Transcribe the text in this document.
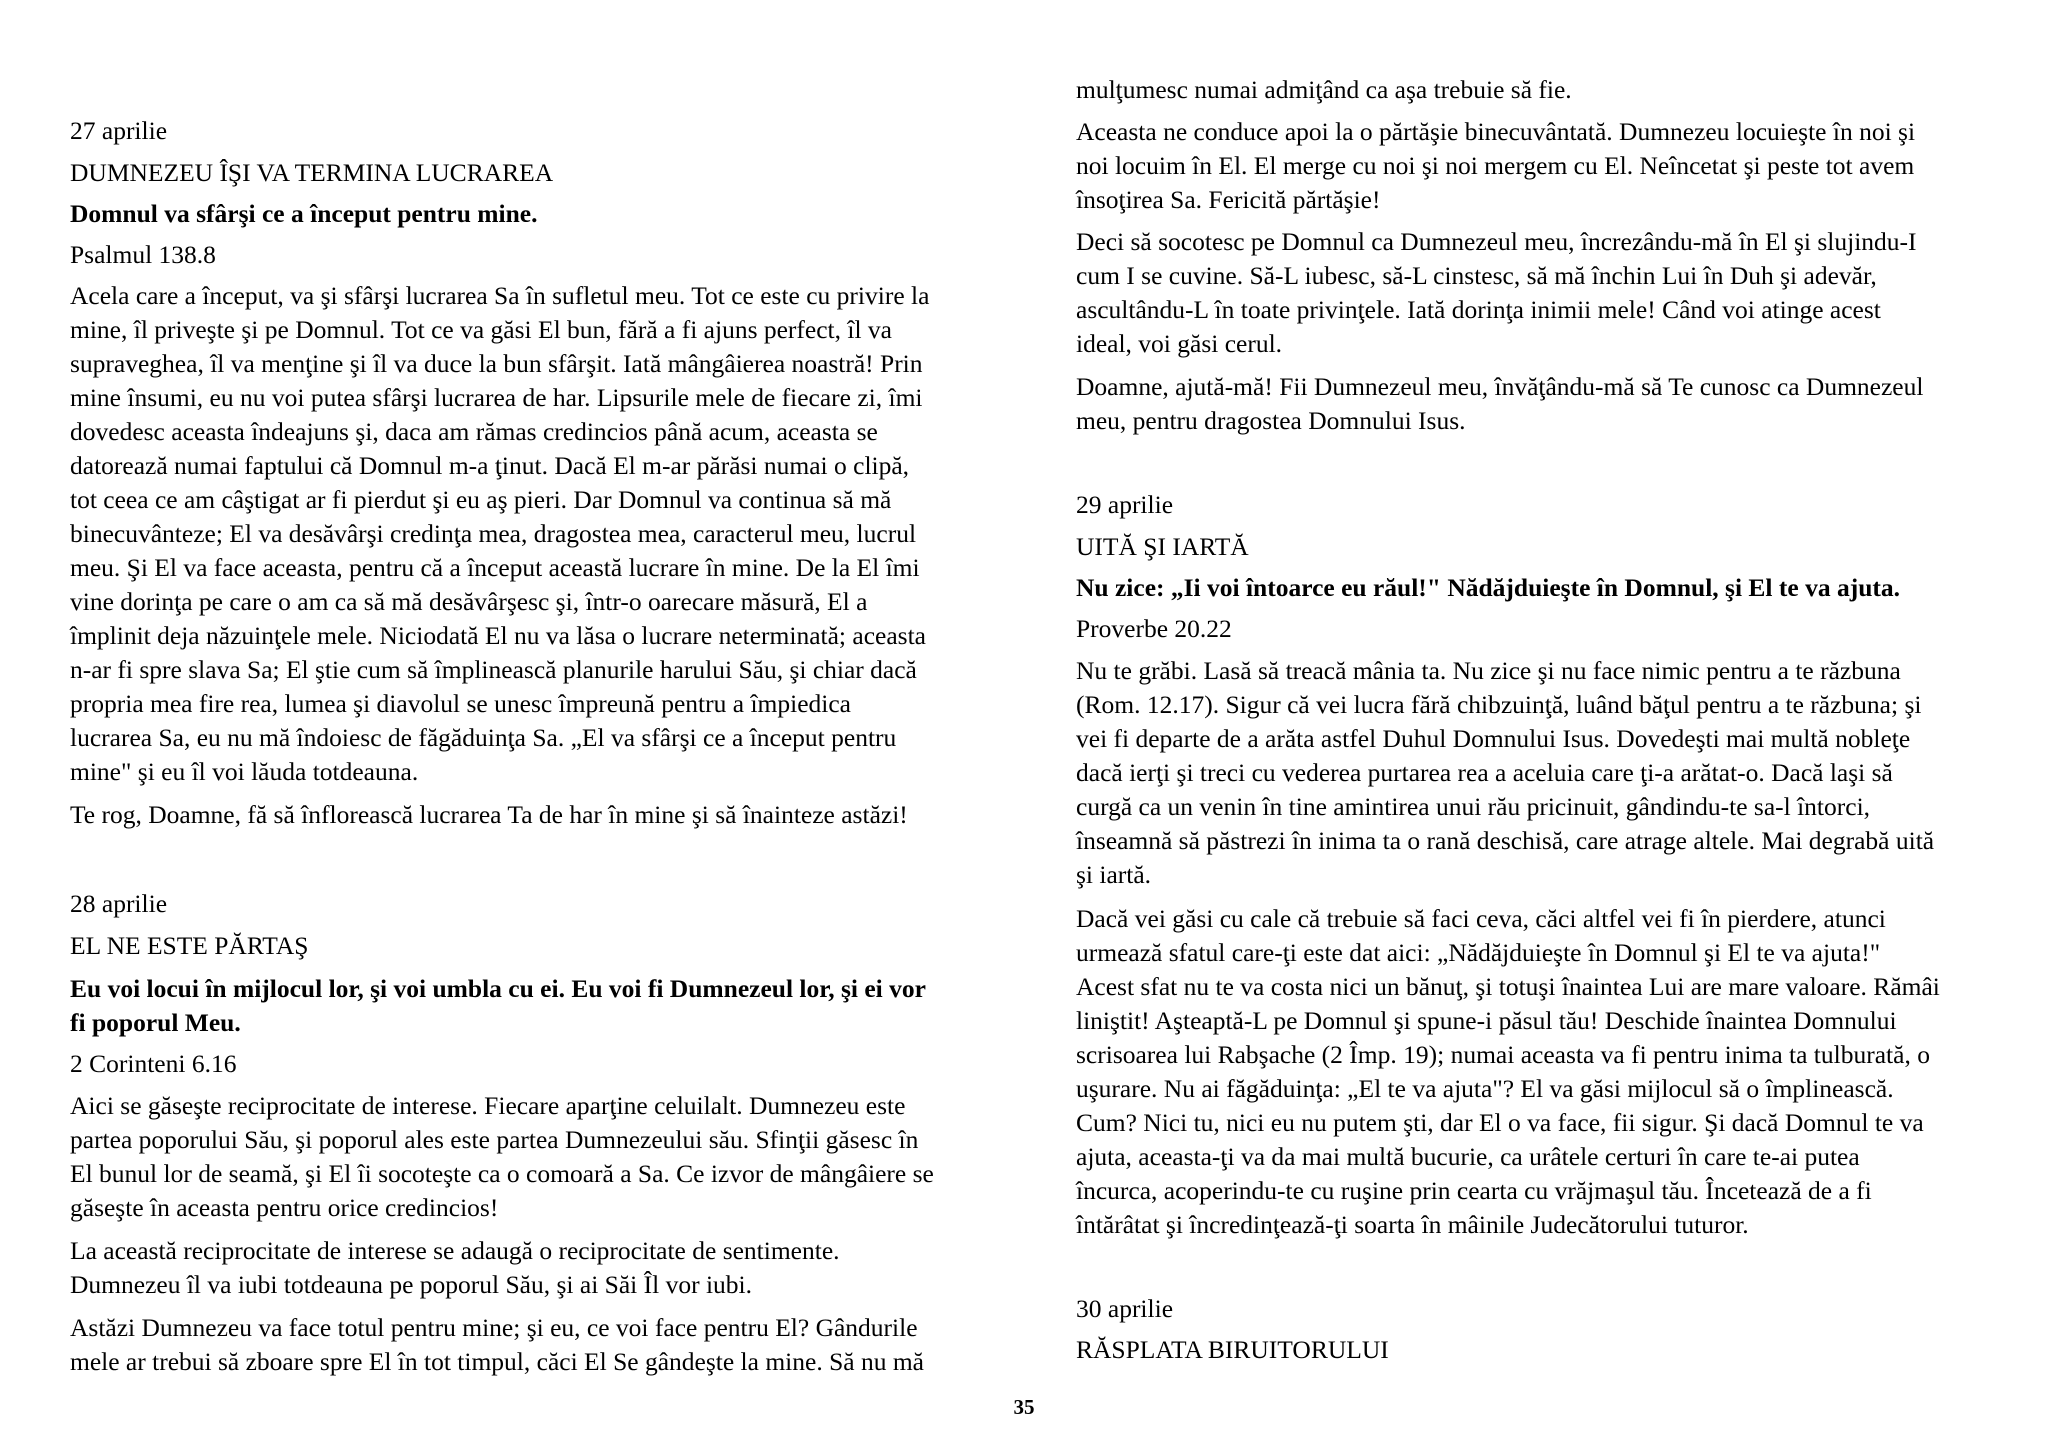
27 aprilie
DUMNEZEU ÎŞI VA TERMINA LUCRAREA
Domnul va sfârşi ce a început pentru mine.
Psalmul 138.8
Acela care a început, va şi sfârşi lucrarea Sa în sufletul meu. Tot ce este cu privire la
mine, îl priveşte şi pe Domnul. Tot ce va găsi El bun, fără a fi ajuns perfect, îl va
supraveghea, îl va menţine şi îl va duce la bun sfârşit. Iată mângâierea noastră! Prin
mine însumi, eu nu voi putea sfârşi lucrarea de har. Lipsurile mele de fiecare zi, îmi
dovedesc aceasta îndeajuns şi, daca am rămas credincios până acum, aceasta se
datorează numai faptului că Domnul m-a ţinut. Dacă El m-ar părăsi numai o clipă,
tot ceea ce am câştigat ar fi pierdut şi eu aş pieri. Dar Domnul va continua să mă
binecuvânteze; El va desăvârşi credinţa mea, dragostea mea, caracterul meu, lucrul
meu. Şi El va face aceasta, pentru că a început această lucrare în mine. De la El îmi
vine dorinţa pe care o am ca să mă desăvârşesc şi, într-o oarecare măsură, El a
împlinit deja năzuinţele mele. Niciodată El nu va lăsa o lucrare neterminată; aceasta
n-ar fi spre slava Sa; El ştie cum să împlinească planurile harului Său, şi chiar dacă
propria mea fire rea, lumea şi diavolul se unesc împreună pentru a împiedica
lucrarea Sa, eu nu mă îndoiesc de făgăduinţa Sa. „El va sfârşi ce a început pentru
mine" şi eu îl voi lăuda totdeauna.
Te rog, Doamne, fă să înflorească lucrarea Ta de har în mine şi să înainteze astăzi!
28 aprilie
EL NE ESTE PĂRTAŞ
Eu voi locui în mijlocul lor, şi voi umbla cu ei. Eu voi fi Dumnezeul lor, şi ei vor
fi poporul Meu.
2 Corinteni 6.16
Aici se găseşte reciprocitate de interese. Fiecare aparţine celuilalt. Dumnezeu este
partea poporului Său, şi poporul ales este partea Dumnezeului său. Sfinţii găsesc în
El bunul lor de seamă, şi El îi socoteşte ca o comoară a Sa. Ce izvor de mângâiere se
găseşte în aceasta pentru orice credincios!
La această reciprocitate de interese se adaugă o reciprocitate de sentimente.
Dumnezeu îl va iubi totdeauna pe poporul Său, şi ai Săi Îl vor iubi.
Astăzi Dumnezeu va face totul pentru mine; şi eu, ce voi face pentru El? Gândurile
mele ar trebui să zboare spre El în tot timpul, căci El Se gândeşte la mine. Să nu mă
mulţumesc numai admiţând ca aşa trebuie să fie.
Aceasta ne conduce apoi la o părtăşie binecuvântată. Dumnezeu locuieşte în noi şi
noi locuim în El. El merge cu noi şi noi mergem cu El. Neîncetat şi peste tot avem
însoţirea Sa. Fericită părtăşie!
Deci să socotesc pe Domnul ca Dumnezeul meu, încrezându-mă în El şi slujindu-I
cum I se cuvine. Să-L iubesc, să-L cinstesc, să mă închin Lui în Duh şi adevăr,
ascultându-L în toate privinţele. Iată dorinţa inimii mele! Când voi atinge acest
ideal, voi găsi cerul.
Doamne, ajută-mă! Fii Dumnezeul meu, învăţându-mă să Te cunosc ca Dumnezeul
meu, pentru dragostea Domnului Isus.
29 aprilie
UITĂ ŞI IARTĂ
Nu zice: „Ii voi întoarce eu răul!" Nădăjduieşte în Domnul, şi El te va ajuta.
Proverbe 20.22
Nu te grăbi. Lasă să treacă mânia ta. Nu zice şi nu face nimic pentru a te răzbuna
(Rom. 12.17). Sigur că vei lucra fără chibzuinţă, luând băţul pentru a te răzbuna; şi
vei fi departe de a arăta astfel Duhul Domnului Isus. Dovedeşti mai multă nobleţe
dacă ierţi şi treci cu vederea purtarea rea a aceluia care ţi-a arătat-o. Dacă laşi să
curgă ca un venin în tine amintirea unui rău pricinuit, gândindu-te sa-l întorci,
înseamnă să păstrezi în inima ta o rană deschisă, care atrage altele. Mai degrabă uită
şi iartă.
Dacă vei găsi cu cale că trebuie să faci ceva, căci altfel vei fi în pierdere, atunci
urmează sfatul care-ţi este dat aici: „Nădăjduieşte în Domnul şi El te va ajuta!"
Acest sfat nu te va costa nici un bănuţ, şi totuşi înaintea Lui are mare valoare. Rămâi
liniştit! Aşteaptă-L pe Domnul şi spune-i păsul tău! Deschide înaintea Domnului
scrisoarea lui Rabşache (2 Împ. 19); numai aceasta va fi pentru inima ta tulburată, o
uşurare. Nu ai făgăduinţa: „El te va ajuta"? El va găsi mijlocul să o împlinească.
Cum? Nici tu, nici eu nu putem şti, dar El o va face, fii sigur. Şi dacă Domnul te va
ajuta, aceasta-ţi va da mai multă bucurie, ca urâtele certuri în care te-ai putea
încurca, acoperindu-te cu ruşine prin cearta cu vrăjmaşul tău. Încetează de a fi
întărâtat şi încredinţează-ţi soarta în mâinile Judecătorului tuturor.
30 aprilie
RĂSPLATA BIRUITORULUI
35
